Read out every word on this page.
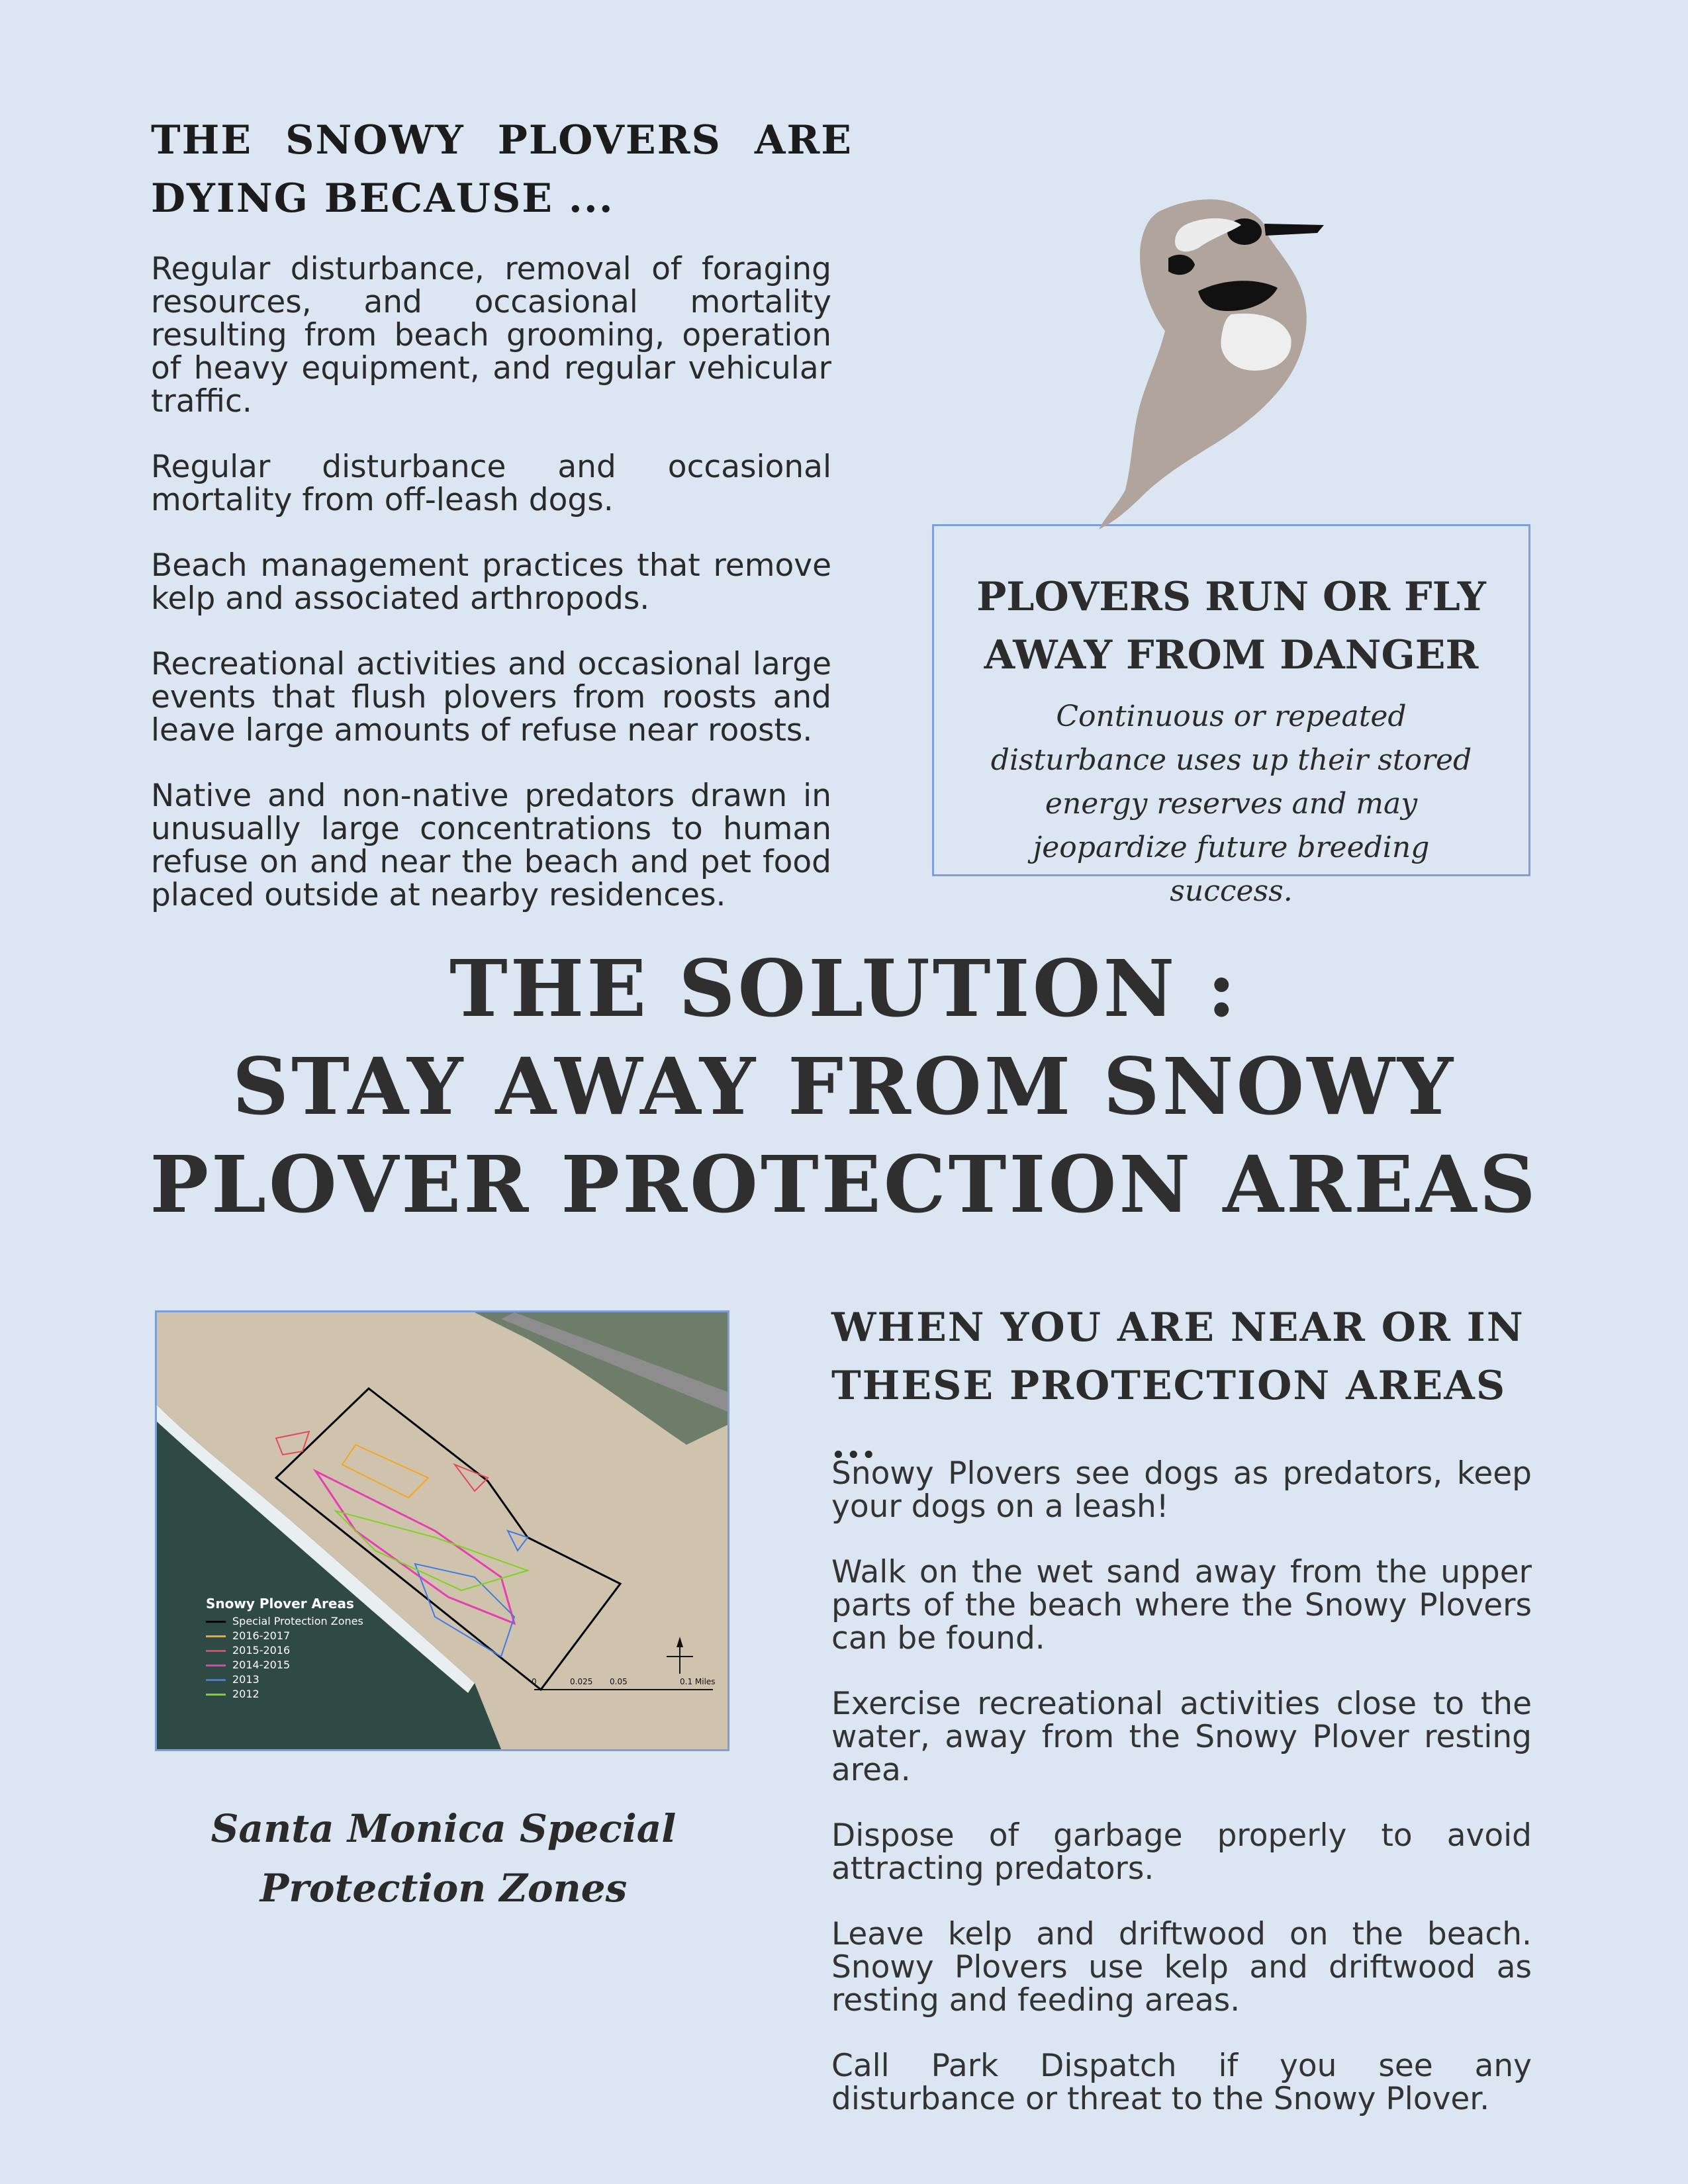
THE SNOWY PLOVERS ARE DYING BECAUSE ...

Regular disturbance, removal of foraging resources, and occasional mortality resulting from beach grooming, operation of heavy equipment, and regular vehicular traffic.

Regular disturbance and occasional mortality from off-leash dogs.

Beach management practices that remove kelp and associated arthropods.

Recreational activities and occasional large events that flush plovers from roosts and leave large amounts of refuse near roosts.

Native and non-native predators drawn in unusually large concentrations to human refuse on and near the beach and pet food placed outside at nearby residences.

PLOVERS RUN OR FLY AWAY FROM DANGER
Continuous or repeated disturbance uses up their stored energy reserves and may jeopardize future breeding success.
THE SOLUTION :
STAY AWAY FROM SNOWY
PLOVER PROTECTION AREAS
0	0.025 0.05	0.1 Miles
Snowy Plover Areas
Special Protection Zones
2016-2017
2015-2016
2014-2015
2013
2012
Santa Monica Special Protection Zones
WHEN YOU ARE NEAR OR IN THESE PROTECTION AREAS ...

Snowy Plovers see dogs as predators, keep your dogs on a leash!

Walk on the wet sand away from the upper parts of the beach where the Snowy Plovers can be found.

Exercise recreational activities close to the water, away from the Snowy Plover resting area.

Dispose of garbage properly to avoid attracting predators.

Leave kelp and driftwood on the beach. Snowy Plovers use kelp and driftwood as resting and feeding areas.

Call Park Dispatch if you see any disturbance or threat to the Snowy Plover.
